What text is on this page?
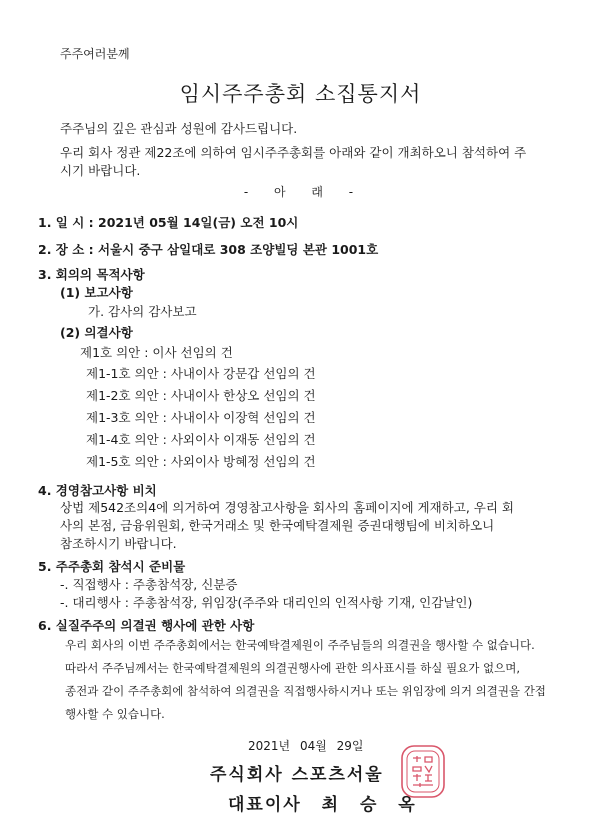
주주여러분께
임시주주총회 소집통지서
주주님의 깊은 관심과 성원에 감사드립니다.
우리 회사 정관 제22조에 의하여 임시주주총회를 아래와 같이 개최하오니 참석하여 주
시기 바랍니다.
- 아 래 -
1. 일 시 : 2021년 05월 14일(금) 오전 10시
2. 장 소 : 서울시 중구 삼일대로 308 조양빌딩 본관 1001호
3. 회의의 목적사항
(1) 보고사항
가. 감사의 감사보고
(2) 의결사항
제1호 의안 : 이사 선임의 건
제1-1호 의안 : 사내이사 강문갑 선임의 건
제1-2호 의안 : 사내이사 한상오 선임의 건
제1-3호 의안 : 사내이사 이장혁 선임의 건
제1-4호 의안 : 사외이사 이재동 선임의 건
제1-5호 의안 : 사외이사 방혜정 선임의 건
4. 경영참고사항 비치
상법 제542조의4에 의거하여 경영참고사항을 회사의 홈페이지에 게재하고, 우리 회
사의 본점, 금융위원회, 한국거래소 및 한국예탁결제원 증권대행팀에 비치하오니
참조하시기 바랍니다.
5. 주주총회 참석시 준비물
-. 직접행사 : 주총참석장, 신분증
-. 대리행사 : 주총참석장, 위임장(주주와 대리인의 인적사항 기재, 인감날인)
6. 실질주주의 의결권 행사에 관한 사항
우리 회사의 이번 주주총회에서는 한국예탁결제원이 주주님들의 의결권을 행사할 수 없습니다.
따라서 주주님께서는 한국예탁결제원의 의결권행사에 관한 의사표시를 하실 필요가 없으며,
종전과 같이 주주총회에 참석하여 의결권을 직접행사하시거나 또는 위임장에 의거 의결권을 간접
행사할 수 있습니다.
2021년 04월 29일
주식회사 스포츠서울
대표이사 최 승 옥
